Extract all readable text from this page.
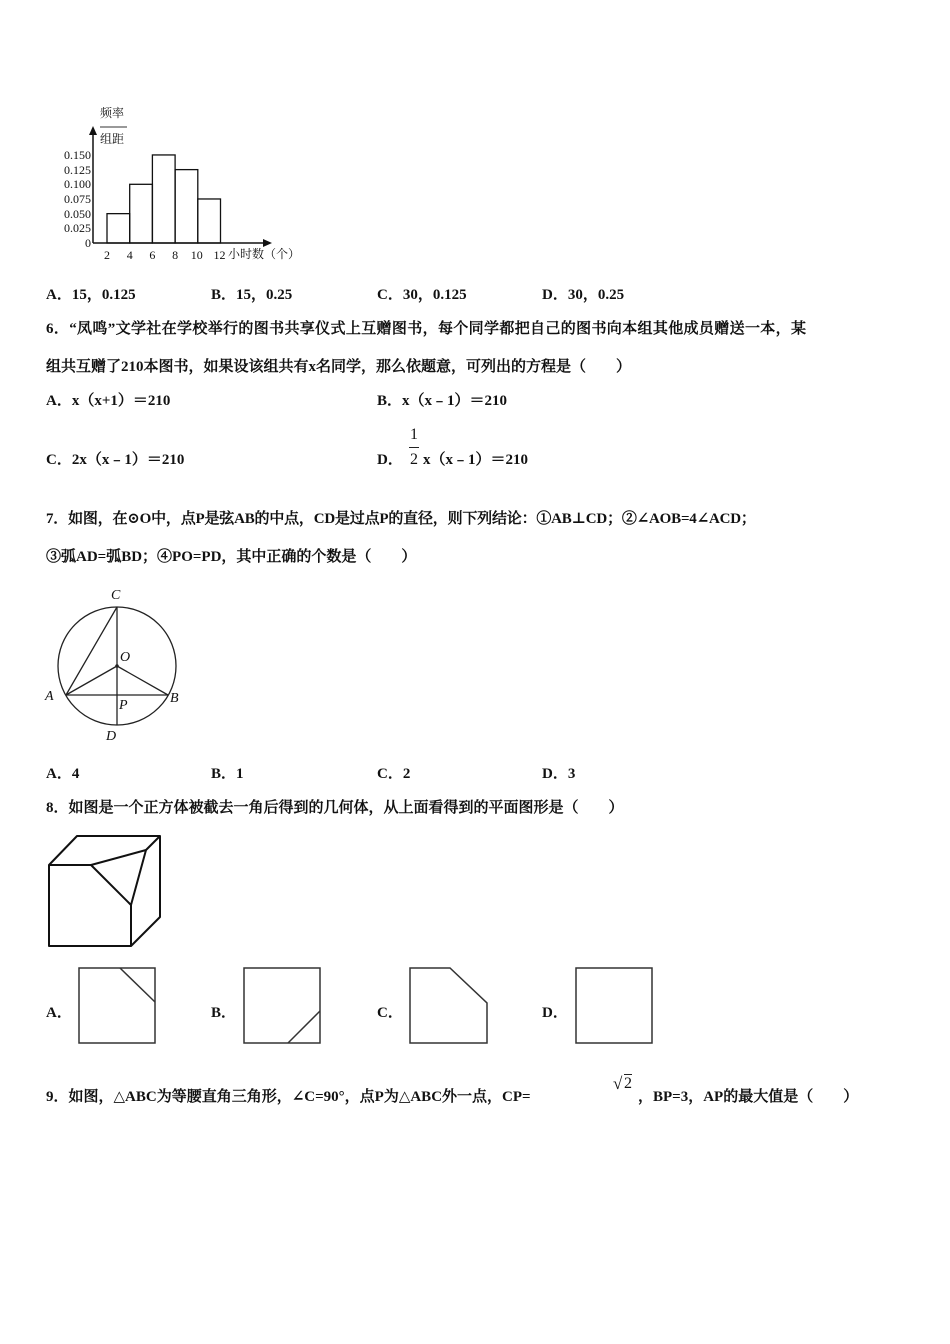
频率
组距
0.150
0.125
0.100
0.075
0.050
0.025
0
2 4 6 8 10 12 小时数（个）
A．15，0.125	B．15，0.25	C．30，0.125	D．30，0.25
6．“凤鸣”文学社在学校举行的图书共享仪式上互赠图书，每个同学都把自己的图书向本组其他成员赠送一本，某
组共互赠了210本图书，如果设该组共有x名同学，那么依题意，可列出的方程是（　　）
A．x（x+1）＝210	B．x（x﹣1）＝210
C．2x（x﹣1）＝210	D．
1
2 x（x﹣1）＝210
7．如图，在⊙O中，点P是弦AB的中点，CD是过点P的直径，则下列结论：①AB⊥CD；②∠AOB=4∠ACD；
③弧AD=弧BD；④PO=PD，其中正确的个数是（　　）
C
O
A	B
P
D
A．4	B．1	C．2	D．3
8．如图是一个正方体被截去一角后得到的几何体，从上面看得到的平面图形是（　　）
A．	B．	C．	D．
9．如图，△ABC为等腰直角三角形，∠C=90°，点P为△ABC外一点，CP=
√ 2
，BP=3，AP的最大值是（　　）
